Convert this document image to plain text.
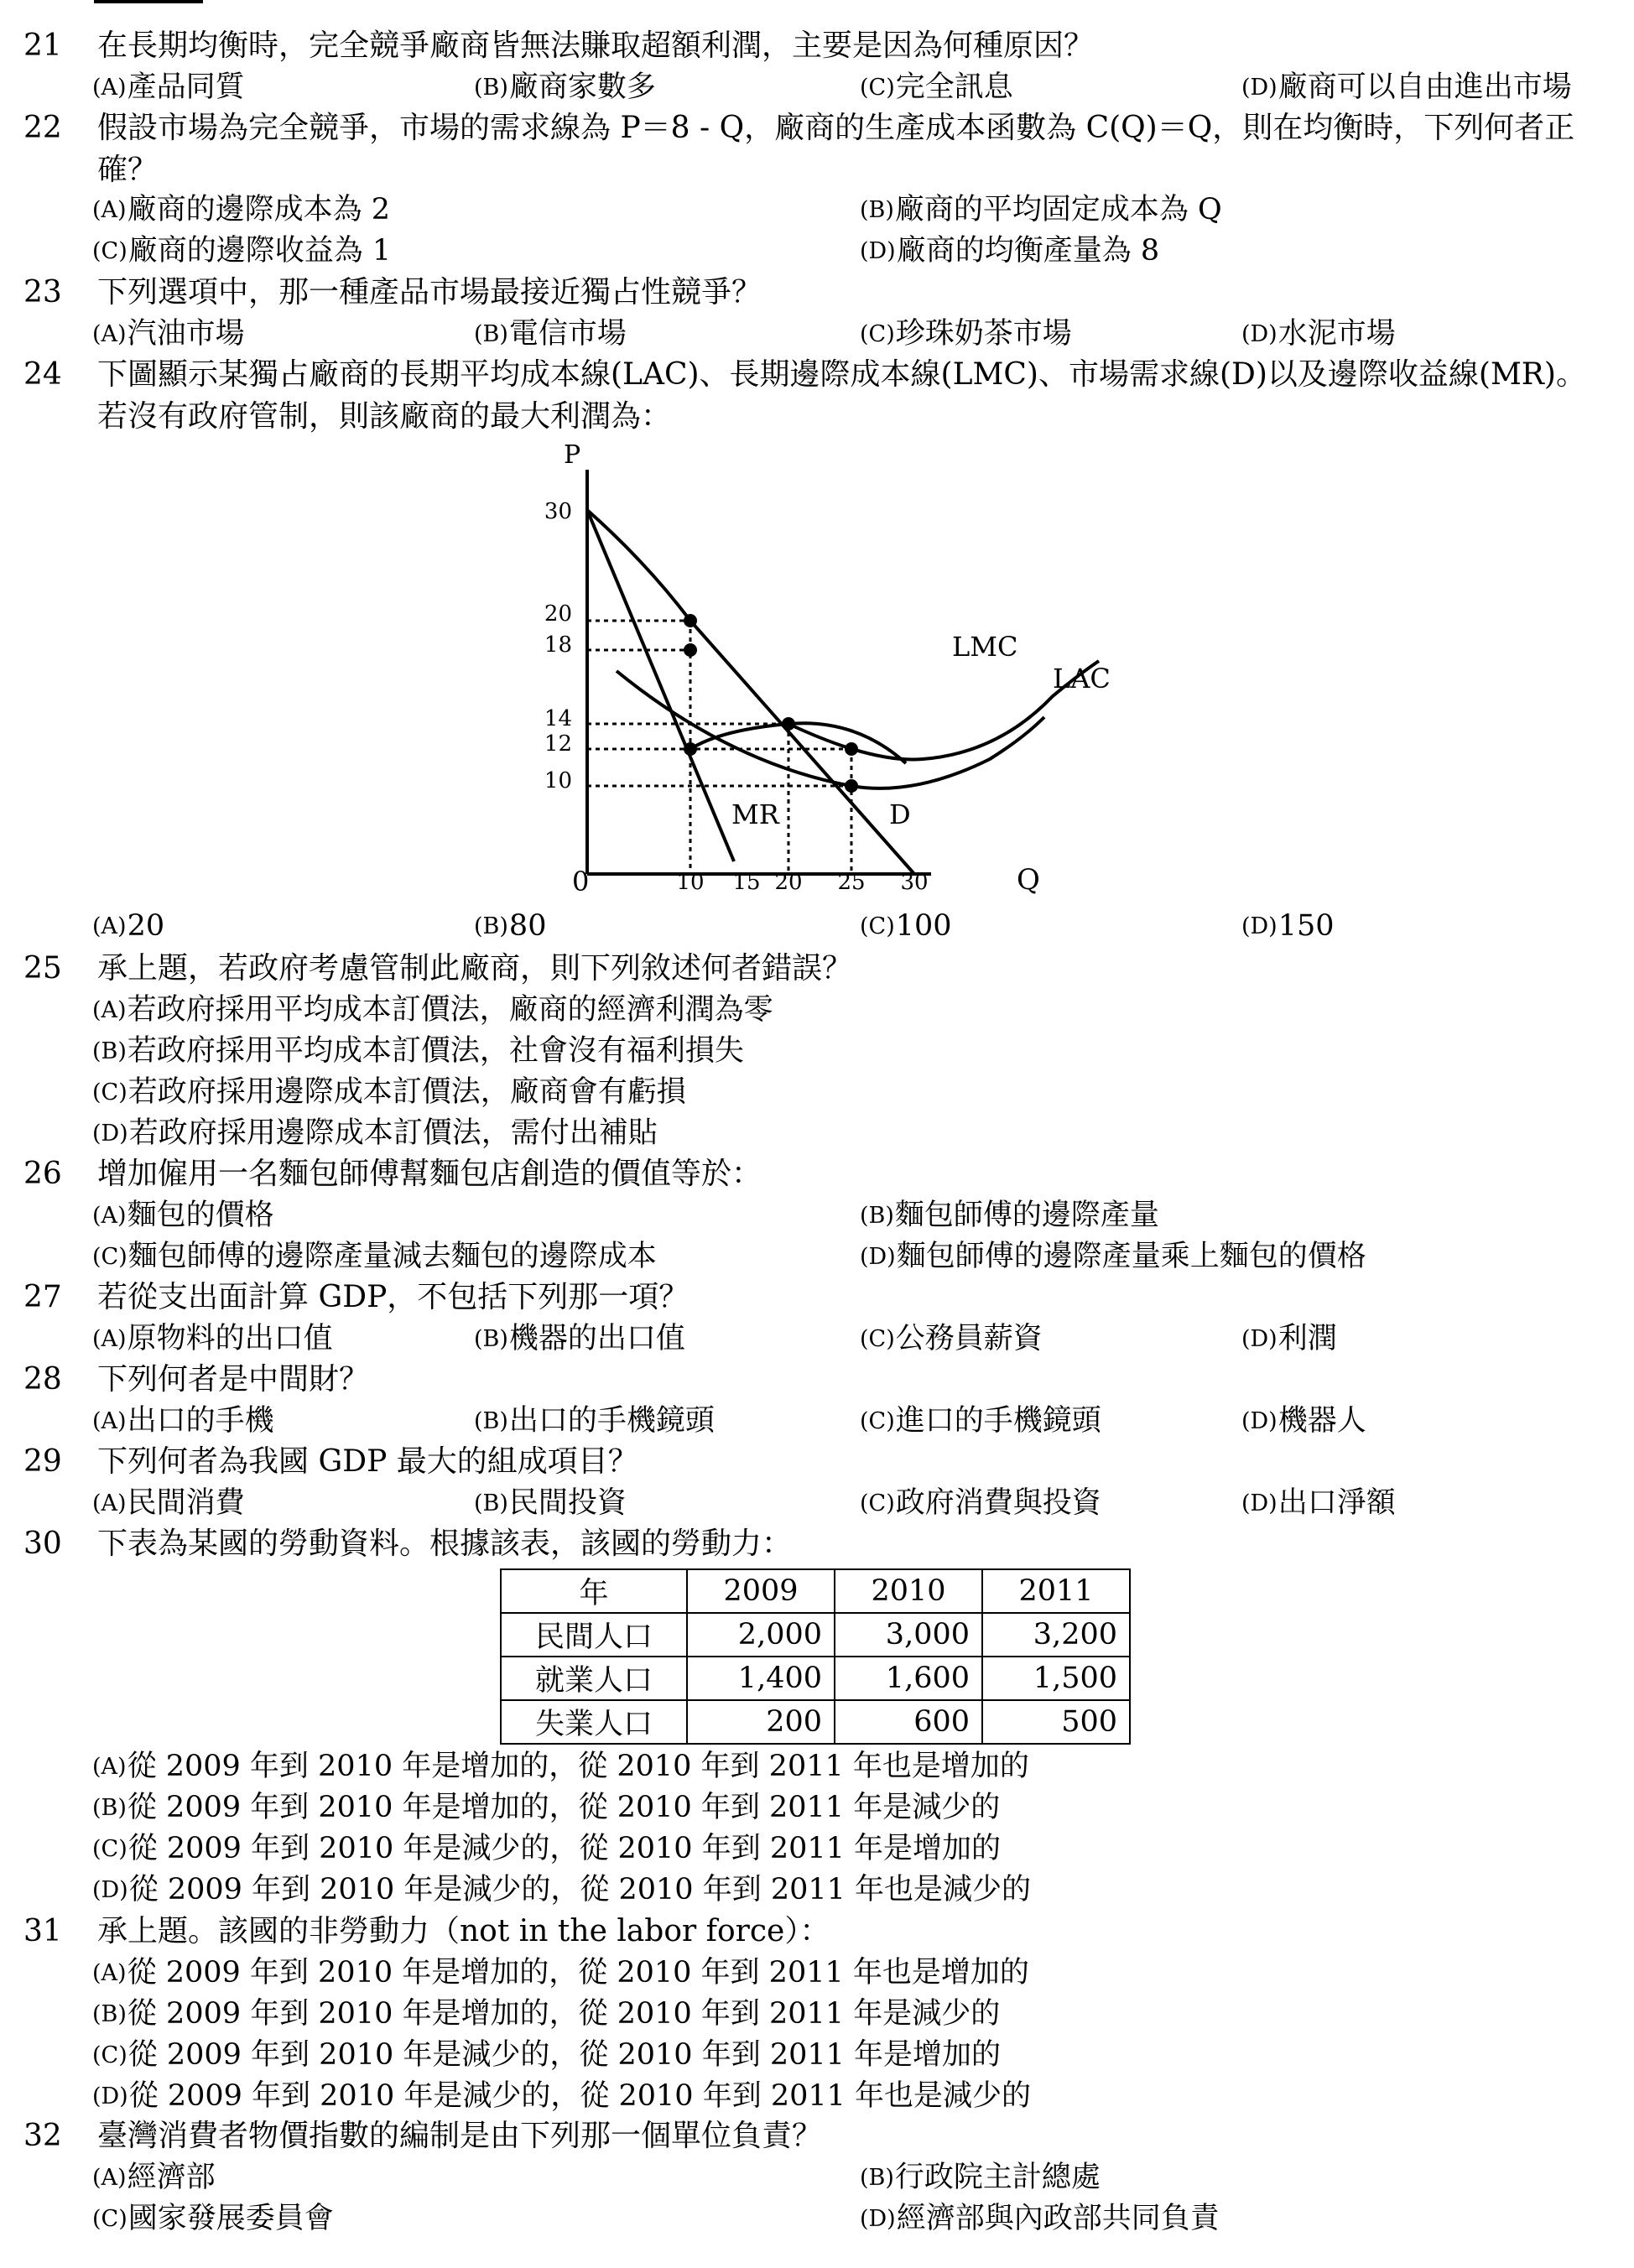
21 在長期均衡時，完全競爭廠商皆無法賺取超額利潤，主要是因為何種原因？
(A)產品同質	(B)廠商家數多	(C)完全訊息	(D)廠商可以自由進出市場
22 假設市場為完全競爭，市場的需求線為 P＝8 - Q，廠商的生產成本函數為 C(Q)＝Q，則在均衡時，下列何者正確？
(A)廠商的邊際成本為 2	(B)廠商的平均固定成本為 Q
(C)廠商的邊際收益為 1	(D)廠商的均衡產量為 8
23 下列選項中，那一種產品市場最接近獨占性競爭？
(A)汽油市場	(B)電信市場	(C)珍珠奶茶市場	(D)水泥市場
24 下圖顯示某獨占廠商的長期平均成本線(LAC)、長期邊際成本線(LMC)、市場需求線(D)以及邊際收益線(MR)。若沒有政府管制，則該廠商的最大利潤為：
P
Q
0
30
20
18
14
12
10
10 15 20 25 30
LMC
LAC
MR	D
(A)20	(B)80	(C)100	(D)150
25 承上題，若政府考慮管制此廠商，則下列敘述何者錯誤？
(A)若政府採用平均成本訂價法，廠商的經濟利潤為零
(B)若政府採用平均成本訂價法，社會沒有福利損失
(C)若政府採用邊際成本訂價法，廠商會有虧損
(D)若政府採用邊際成本訂價法，需付出補貼
26 增加僱用一名麵包師傅幫麵包店創造的價值等於：
(A)麵包的價格	(B)麵包師傅的邊際產量
(C)麵包師傅的邊際產量減去麵包的邊際成本	(D)麵包師傅的邊際產量乘上麵包的價格
27 若從支出面計算 GDP，不包括下列那一項？
(A)原物料的出口值	(B)機器的出口值	(C)公務員薪資	(D)利潤
28 下列何者是中間財？
(A)出口的手機	(B)出口的手機鏡頭	(C)進口的手機鏡頭	(D)機器人
29 下列何者為我國 GDP 最大的組成項目？
(A)民間消費	(B)民間投資	(C)政府消費與投資	(D)出口淨額
30 下表為某國的勞動資料。根據該表，該國的勞動力：
年	2009	2010	2011
民間人口	2,000	3,000	3,200
就業人口	1,400	1,600	1,500
失業人口	200	600	500
(A)從 2009 年到 2010 年是增加的，從 2010 年到 2011 年也是增加的
(B)從 2009 年到 2010 年是增加的，從 2010 年到 2011 年是減少的
(C)從 2009 年到 2010 年是減少的，從 2010 年到 2011 年是增加的
(D)從 2009 年到 2010 年是減少的，從 2010 年到 2011 年也是減少的
31 承上題。該國的非勞動力（not in the labor force）：
(A)從 2009 年到 2010 年是增加的，從 2010 年到 2011 年也是增加的
(B)從 2009 年到 2010 年是增加的，從 2010 年到 2011 年是減少的
(C)從 2009 年到 2010 年是減少的，從 2010 年到 2011 年是增加的
(D)從 2009 年到 2010 年是減少的，從 2010 年到 2011 年也是減少的
32 臺灣消費者物價指數的編制是由下列那一個單位負責？
(A)經濟部	(B)行政院主計總處
(C)國家發展委員會	(D)經濟部與內政部共同負責
